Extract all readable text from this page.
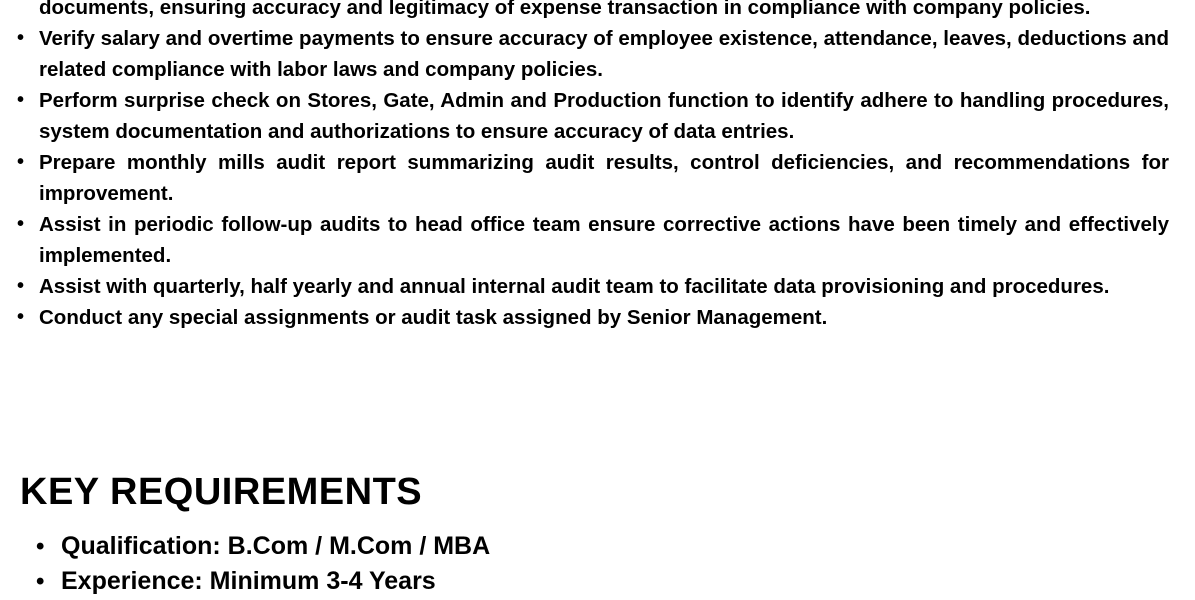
documents, ensuring accuracy and legitimacy of expense transaction in compliance with company policies.
• Verify salary and overtime payments to ensure accuracy of employee existence, attendance, leaves, deductions and related compliance with labor laws and company policies.
• Perform surprise check on Stores, Gate, Admin and Production function to identify adhere to handling procedures, system documentation and authorizations to ensure accuracy of data entries.
• Prepare monthly mills audit report summarizing audit results, control deficiencies, and recommendations for improvement.
• Assist in periodic follow-up audits to head office team ensure corrective actions have been timely and effectively implemented.
• Assist with quarterly, half yearly and annual internal audit team to facilitate data provisioning and procedures.
• Conduct any special assignments or audit task assigned by Senior Management.
KEY REQUIREMENTS
• Qualification: B.Com / M.Com / MBA
• Experience: Minimum 3-4 Years
